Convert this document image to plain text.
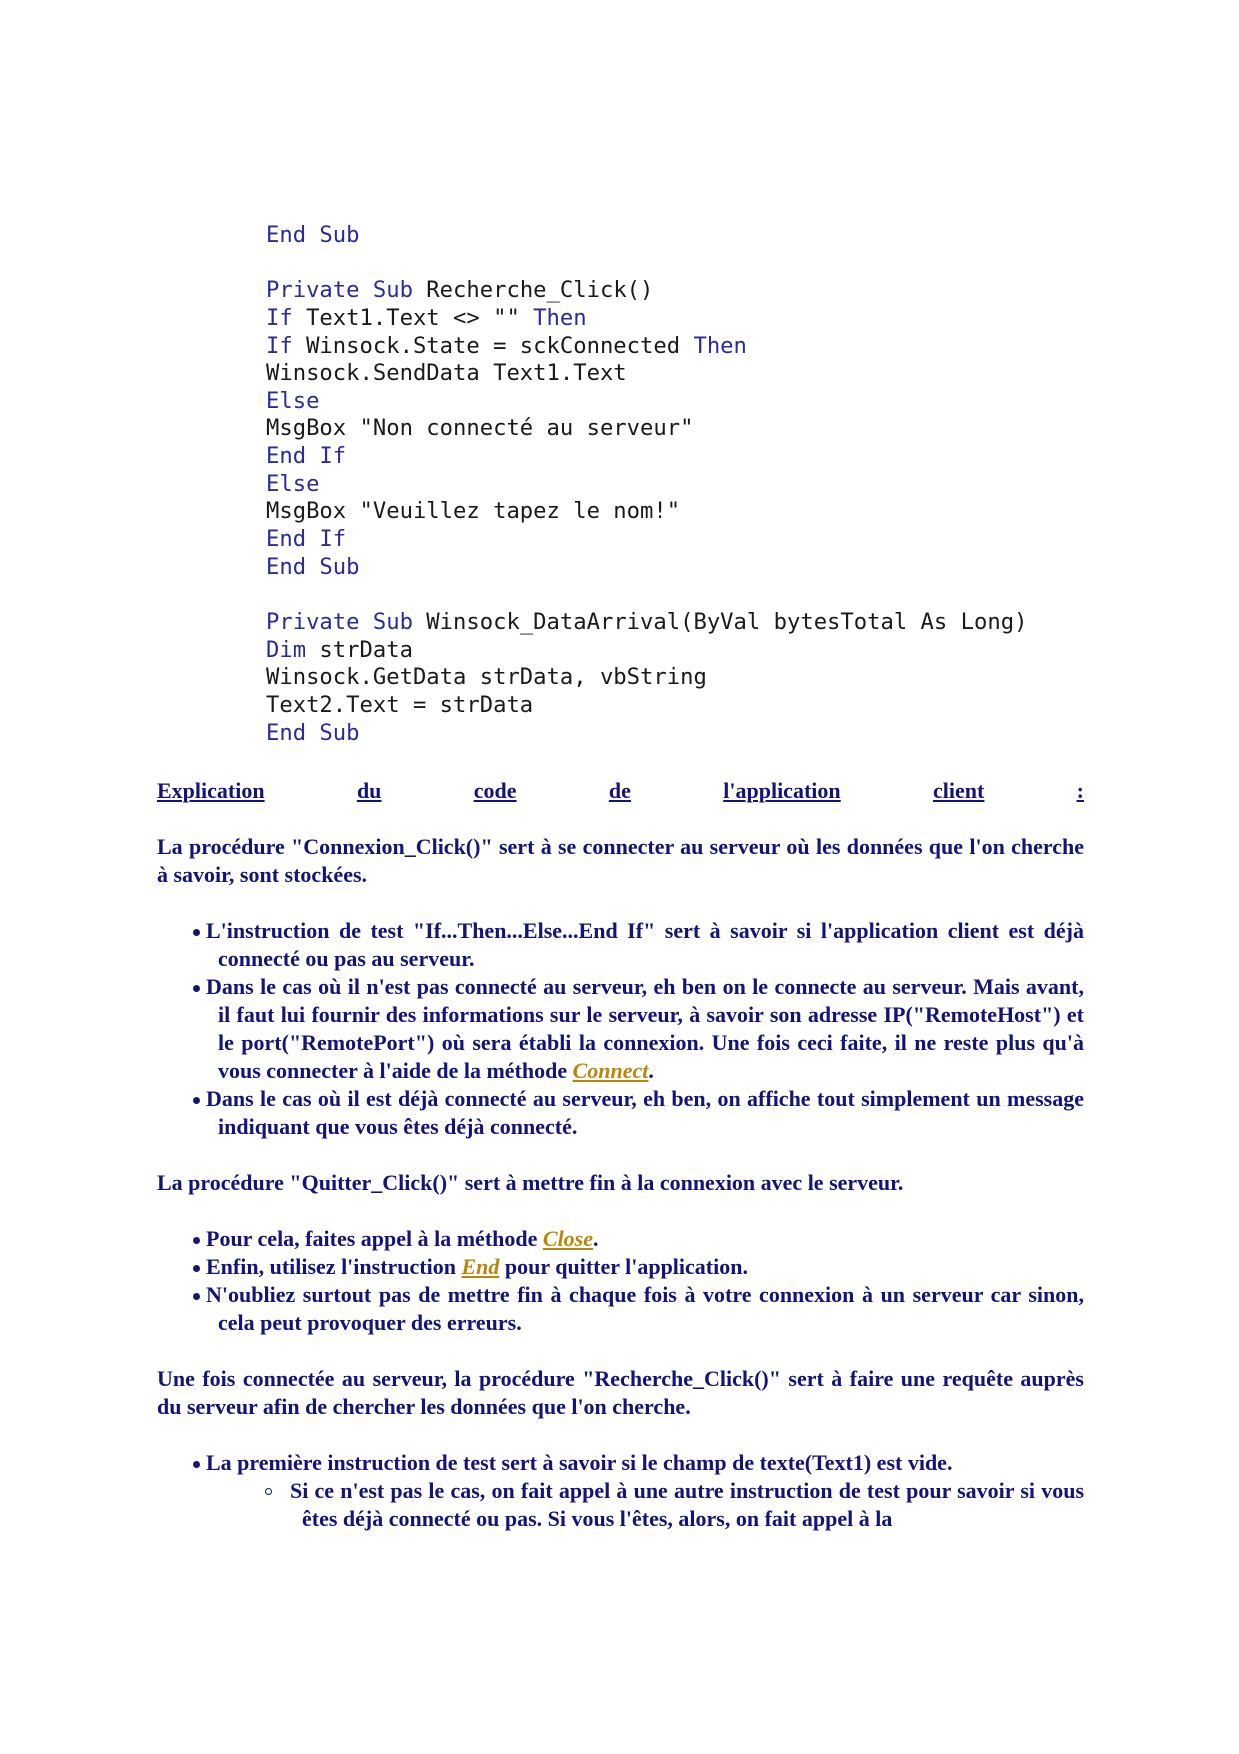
End Sub
Private Sub Recherche_Click()
If Text1.Text <> "" Then
If Winsock.State = sckConnected Then
Winsock.SendData Text1.Text
Else
MsgBox "Non connecté au serveur"
End If
Else
MsgBox "Veuillez tapez le nom!"
End If
End Sub
Private Sub Winsock_DataArrival(ByVal bytesTotal As Long)
Dim strData
Winsock.GetData strData, vbString
Text2.Text = strData
End Sub
Explication	du	code	de	l'application	client	:

La procédure "Connexion_Click()" sert à se connecter au serveur où les données que l'on cherche à savoir, sont stockées.

L'instruction de test "If...Then...Else...End If" sert à savoir si l'application client est déjà connecté ou pas au serveur.
Dans le cas où il n'est pas connecté au serveur, eh ben on le connecte au serveur. Mais avant, il faut lui fournir des informations sur le serveur, à savoir son adresse IP("RemoteHost") et le port("RemotePort") où sera établi la connexion. Une fois ceci faite, il ne reste plus qu'à vous connecter à l'aide de la méthode Connect.
Dans le cas où il est déjà connecté au serveur, eh ben, on affiche tout simplement un message indiquant que vous êtes déjà connecté.

La procédure "Quitter_Click()" sert à mettre fin à la connexion avec le serveur.

Pour cela, faites appel à la méthode Close.
Enfin, utilisez l'instruction End pour quitter l'application.
N'oubliez surtout pas de mettre fin à chaque fois à votre connexion à un serveur car sinon, cela peut provoquer des erreurs.

Une fois connectée au serveur, la procédure "Recherche_Click()" sert à faire une requête auprès du serveur afin de chercher les données que l'on cherche.

La première instruction de test sert à savoir si le champ de texte(Text1) est vide.
Si ce n'est pas le cas, on fait appel à une autre instruction de test pour savoir si vous êtes déjà connecté ou pas. Si vous l'êtes, alors, on fait appel à la
